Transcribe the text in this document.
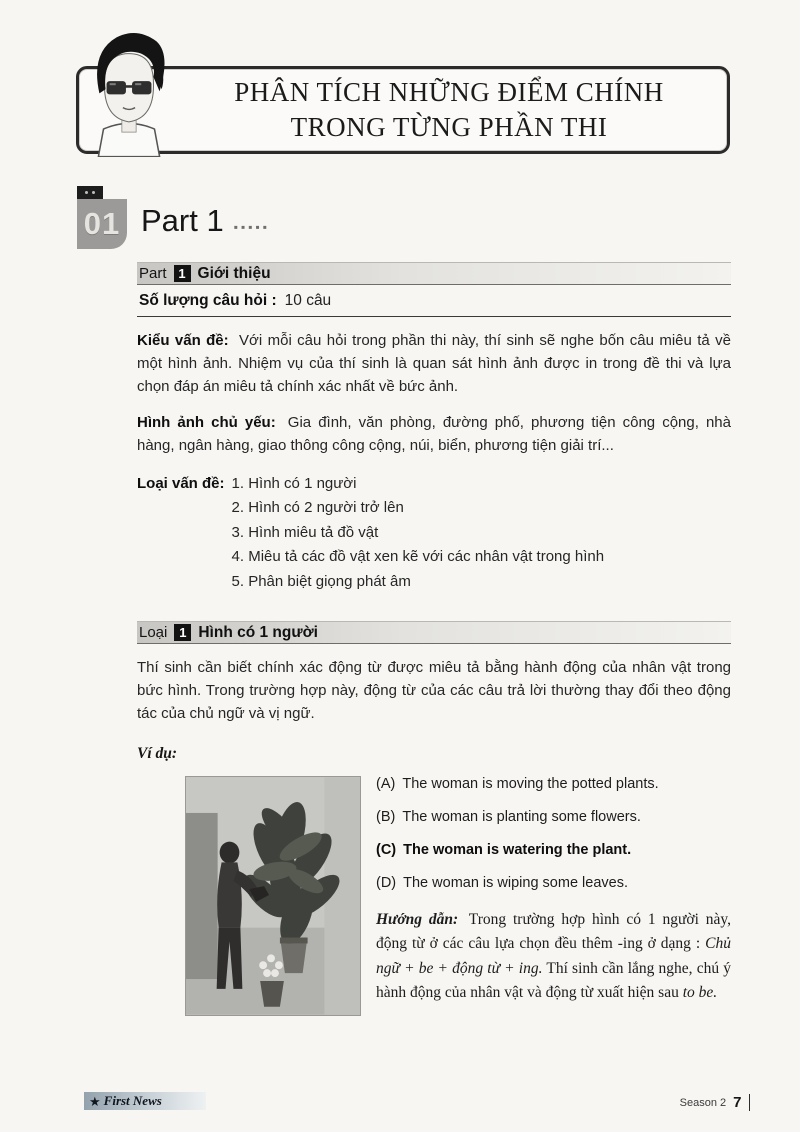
PHÂN TÍCH NHỮNG ĐIỂM CHÍNH
TRONG TỪNG PHẦN THI
01 Part 1 ▪▪▪▪▪
Part 1 Giới thiệu
Số lượng câu hỏi : 10 câu

Kiểu vấn đề: Với mỗi câu hỏi trong phần thi này, thí sinh sẽ nghe bốn câu miêu tả về một hình ảnh. Nhiệm vụ của thí sinh là quan sát hình ảnh được in trong đề thi và lựa chọn đáp án miêu tả chính xác nhất về bức ảnh.

Hình ảnh chủ yếu: Gia đình, văn phòng, đường phố, phương tiện công cộng, nhà hàng, ngân hàng, giao thông công cộng, núi, biển, phương tiện giải trí...

Loại vấn đề: 1. Hình có 1 người
2. Hình có 2 người trở lên
3. Hình miêu tả đồ vật
4. Miêu tả các đồ vật xen kẽ với các nhân vật trong hình
5. Phân biệt giọng phát âm
Loại 1 Hình có 1 người

Thí sinh cần biết chính xác động từ được miêu tả bằng hành động của nhân vật trong bức hình. Trong trường hợp này, động từ của các câu trả lời thường thay đổi theo động tác của chủ ngữ và vị ngữ.

Ví dụ:
(A) The woman is moving the potted plants.
(B) The woman is planting some flowers.
(C) The woman is watering the plant.
(D) The woman is wiping some leaves.

Hướng dẫn: Trong trường hợp hình có 1 người này, động từ ở các câu lựa chọn đều thêm -ing ở dạng : Chủ ngữ + be + động từ + ing. Thí sinh cần lắng nghe, chú ý hành động của nhân vật và động từ xuất hiện sau to be.

★ First News	Season 2 7
